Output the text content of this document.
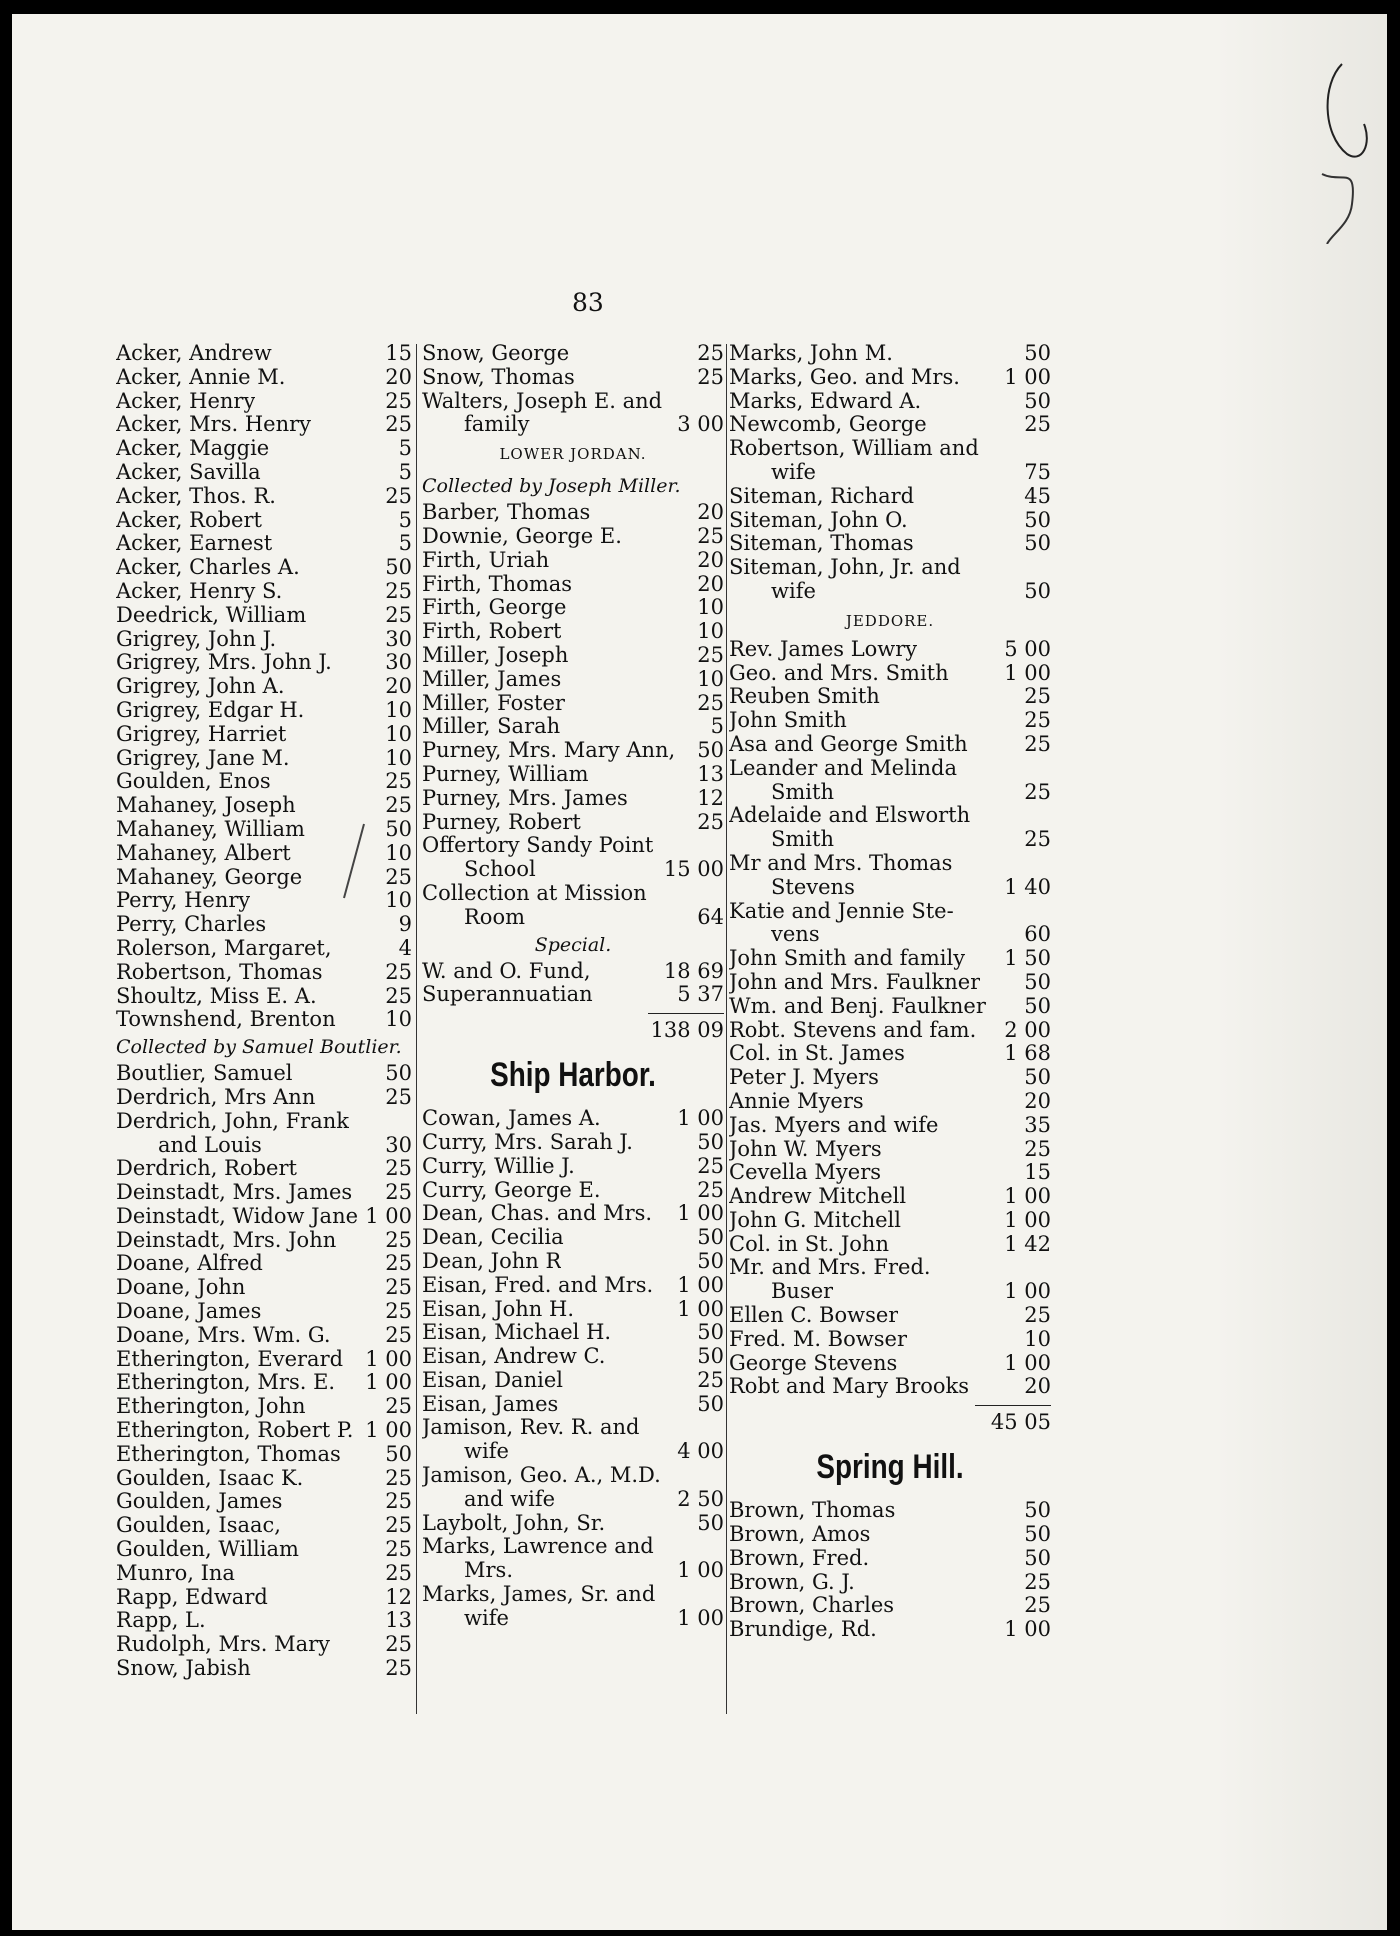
83
Acker, Andrew	15
Acker, Annie M.	20
Acker, Henry	25
Acker, Mrs. Henry	25
Acker, Maggie	5
Acker, Savilla	5
Acker, Thos. R.	25
Acker, Robert	5
Acker, Earnest	5
Acker, Charles A.	50
Acker, Henry S.	25
Deedrick, William	25
Grigrey, John J.	30
Grigrey, Mrs. John J.	30
Grigrey, John A.	20
Grigrey, Edgar H.	10
Grigrey, Harriet	10
Grigrey, Jane M.	10
Goulden, Enos	25
Mahaney, Joseph	25
Mahaney, William	50
Mahaney, Albert	10
Mahaney, George	25
Perry, Henry	10
Perry, Charles	9
Rolerson, Margaret,	4
Robertson, Thomas	25
Shoultz, Miss E. A.	25
Townshend, Brenton 10
Collected by Samuel Boutlier.
Boutlier, Samuel	50
Derdrich, Mrs Ann	25
Derdrich, John, Frank
and Louis	30
Derdrich, Robert	25
Deinstadt, Mrs. James 25
Deinstadt, Widow Jane 1 00
Deinstadt, Mrs. John 25
Doane, Alfred	25
Doane, John	25
Doane, James	25
Doane, Mrs. Wm. G.	25
Etherington, Everard 1 00
Etherington, Mrs. E. 1 00
Etherington, John	25
Etherington, Robert P. 1 00
Etherington, Thomas 50
Goulden, Isaac K.	25
Goulden, James	25
Goulden, Isaac,	25
Goulden, William	25
Munro, Ina	25
Rapp, Edward	12
Rapp, L.	13
Rudolph, Mrs. Mary	25
Snow, Jabish	25
Snow, George	25
Snow, Thomas	25
Walters, Joseph E. and
family	3 00
LOWER JORDAN.
Collected by Joseph Miller.
Barber, Thomas	20
Downie, George E.	25
Firth, Uriah	20
Firth, Thomas	20
Firth, George	10
Firth, Robert	10
Miller, Joseph	25
Miller, James	10
Miller, Foster	25
Miller, Sarah	5
Purney, Mrs. Mary Ann, 50
Purney, William	13
Purney, Mrs. James	12
Purney, Robert	25
Offertory Sandy Point
School	15 00
Collection at Mission
Room	64
Special.
W. and O. Fund,	18 69
Superannuatian	5 37
138 09
Ship Harbor.
Cowan, James A.	1 00
Curry, Mrs. Sarah J.	50
Curry, Willie J.	25
Curry, George E.	25
Dean, Chas. and Mrs. 1 00
Dean, Cecilia	50
Dean, John R	50
Eisan, Fred. and Mrs. 1 00
Eisan, John H.	1 00
Eisan, Michael H.	50
Eisan, Andrew C.	50
Eisan, Daniel	25
Eisan, James	50
Jamison, Rev. R. and
wife	4 00
Jamison, Geo. A., M.D.
and wife	2 50
Laybolt, John, Sr.	50
Marks, Lawrence and
Mrs.	1 00
Marks, James, Sr. and
wife	1 00
Marks, John M.	50
Marks, Geo. and Mrs. 1 00
Marks, Edward A.	50
Newcomb, George	25
Robertson, William and
wife	75
Siteman, Richard	45
Siteman, John O.	50
Siteman, Thomas	50
Siteman, John, Jr. and
wife	50
JEDDORE.
Rev. James Lowry	5 00
Geo. and Mrs. Smith	1 00
Reuben Smith	25
John Smith	25
Asa and George Smith	25
Leander and Melinda
Smith	25
Adelaide and Elsworth
Smith	25
Mr and Mrs. Thomas
Stevens	1 40
Katie and Jennie Ste-
vens	60
John Smith and family 1 50
John and Mrs. Faulkner 50
Wm. and Benj. Faulkner 50
Robt. Stevens and fam. 2 00
Col. in St. James	1 68
Peter J. Myers	50
Annie Myers	20
Jas. Myers and wife	35
John W. Myers	25
Cevella Myers	15
Andrew Mitchell	1 00
John G. Mitchell	1 00
Col. in St. John	1 42
Mr. and Mrs. Fred.
Buser	1 00
Ellen C. Bowser	25
Fred. M. Bowser	10
George Stevens	1 00
Robt and Mary Brooks	20
45 05
Spring Hill.
Brown, Thomas	50
Brown, Amos	50
Brown, Fred.	50
Brown, G. J.	25
Brown, Charles	25
Brundige, Rd.	1 00
